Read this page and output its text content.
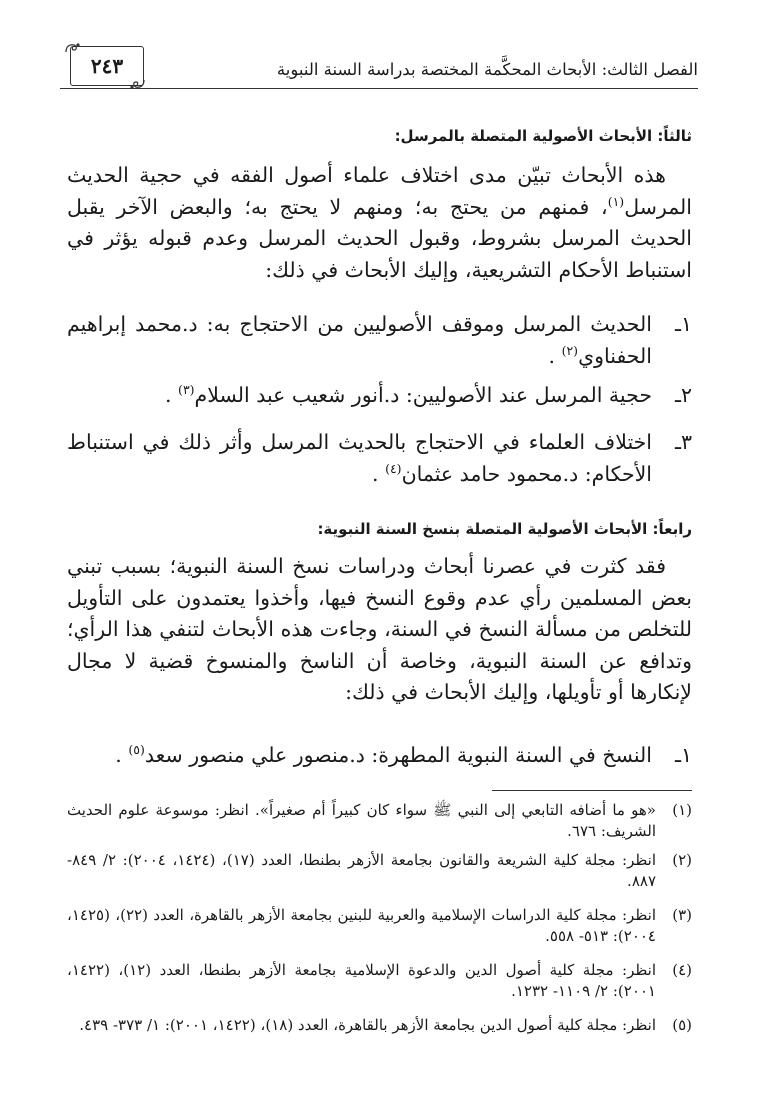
الفصل الثالث: الأبحاث المحكَّمة المختصة بدراسة السنة النبوية
٢٤٣
ثالثاً: الأبحاث الأصولية المتصلة بالمرسل:
هذه الأبحاث تبيّن مدى اختلاف علماء أصول الفقه في حجية الحديث المرسل$^{(١)}$، فمنهم من يحتج به؛ ومنهم لا يحتج به؛ والبعض الآخر يقبل الحديث المرسل بشروط، وقبول الحديث المرسل وعدم قبوله يؤثر في استنباط الأحكام التشريعية، وإليك الأبحاث في ذلك:
١ـ
الحديث المرسل وموقف الأصوليين من الاحتجاج به: د.محمد إبراهيم الحفناوي$^{(٢)}$ .
٢ـ
حجية المرسل عند الأصوليين: د.أنور شعيب عبد السلام$^{(٣)}$ .
٣ـ
اختلاف العلماء في الاحتجاج بالحديث المرسل وأثر ذلك في استنباط الأحكام: د.محمود حامد عثمان$^{(٤)}$ .
رابعاً: الأبحاث الأصولية المتصلة بنسخ السنة النبوية:
فقد كثرت في عصرنا أبحاث ودراسات نسخ السنة النبوية؛ بسبب تبني بعض المسلمين رأي عدم وقوع النسخ فيها، وأخذوا يعتمدون على التأويل للتخلص من مسألة النسخ في السنة، وجاءت هذه الأبحاث لتنفي هذا الرأي؛ وتدافع عن السنة النبوية، وخاصة أن الناسخ والمنسوخ قضية لا مجال لإنكارها أو تأويلها، وإليك الأبحاث في ذلك:
١ـ
النسخ في السنة النبوية المطهرة: د.منصور علي منصور سعد$^{(٥)}$ .
(١)
«هو ما أضافه التابعي إلى النبي ﷺ سواء كان كبيراً أم صغيراً». انظر: موسوعة علوم الحديث الشريف: ٦٧٦.
(٢)
انظر: مجلة كلية الشريعة والقانون بجامعة الأزهر بطنطا، العدد (١٧)، (١٤٢٤، ٢٠٠٤): ٢/ ٨٤٩- ٨٨٧.
(٣)
انظر: مجلة كلية الدراسات الإسلامية والعربية للبنين بجامعة الأزهر بالقاهرة، العدد (٢٢)، (١٤٢٥، ٢٠٠٤): ٥١٣- ٥٥٨.
(٤)
انظر: مجلة كلية أصول الدين والدعوة الإسلامية بجامعة الأزهر بطنطا، العدد (١٢)، (١٤٢٢، ٢٠٠١): ٢/ ١١٠٩- ١٢٣٢.
(٥)
انظر: مجلة كلية أصول الدين بجامعة الأزهر بالقاهرة، العدد (١٨)، (١٤٢٢، ٢٠٠١): ١/ ٣٧٣- ٤٣٩.
